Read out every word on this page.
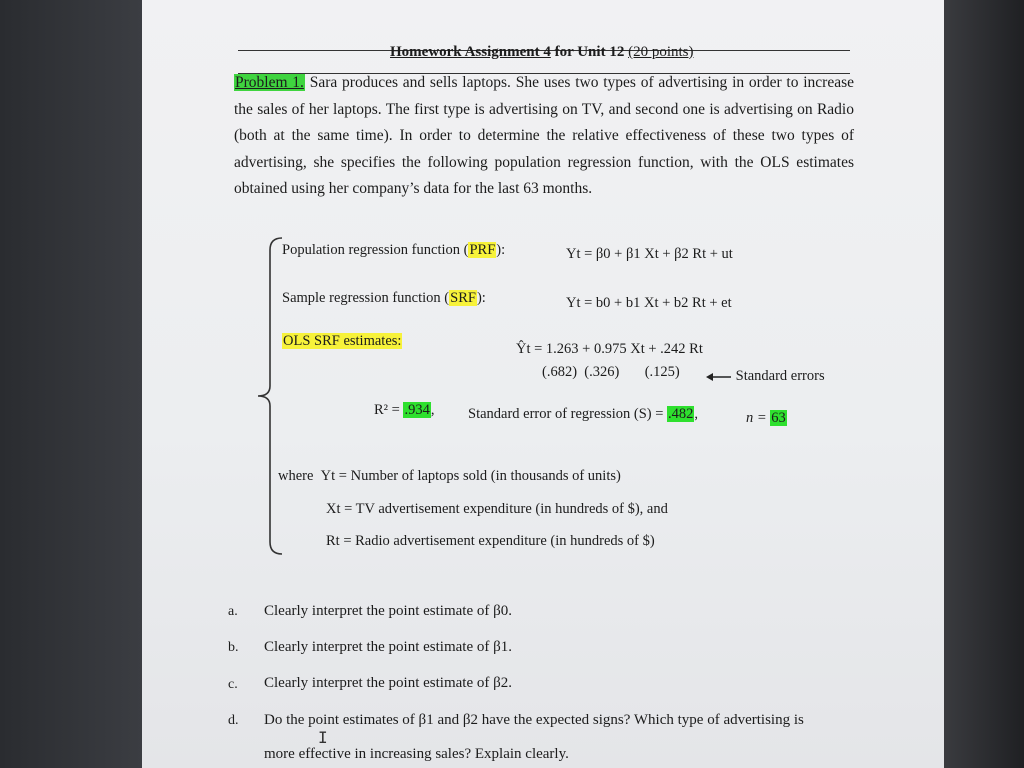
Homework Assignment 4 for Unit 12 (20 points)
Problem 1. Sara produces and sells laptops. She uses two types of advertising in order to increase the sales of her laptops. The first type is advertising on TV, and second one is advertising on Radio (both at the same time). In order to determine the relative effectiveness of these two types of advertising, she specifies the following population regression function, with the OLS estimates obtained using her company’s data for the last 63 months.
Population regression function (PRF):	Yt = β0 + β1 Xt + β2 Rt + ut
Sample regression function (SRF):	Yt = b0 + b1 Xt + b2 Rt + et
OLS SRF estimates:	Ŷt = 1.263 + 0.975 Xt + .242 Rt
(.682)  (.326)       (.125)	Standard errors
R² = .934, Standard error of regression (S) = .482,	n = 63
where Yt = Number of laptops sold (in thousands of units)
Xt = TV advertisement expenditure (in hundreds of $), and
Rt = Radio advertisement expenditure (in hundreds of $)
a. Clearly interpret the point estimate of β0.
b. Clearly interpret the point estimate of β1.
c. Clearly interpret the point estimate of β2.
d. Do the point estimates of β1 and β2 have the expected signs? Which type of advertising is
more effective in increasing sales? Explain clearly.
I
